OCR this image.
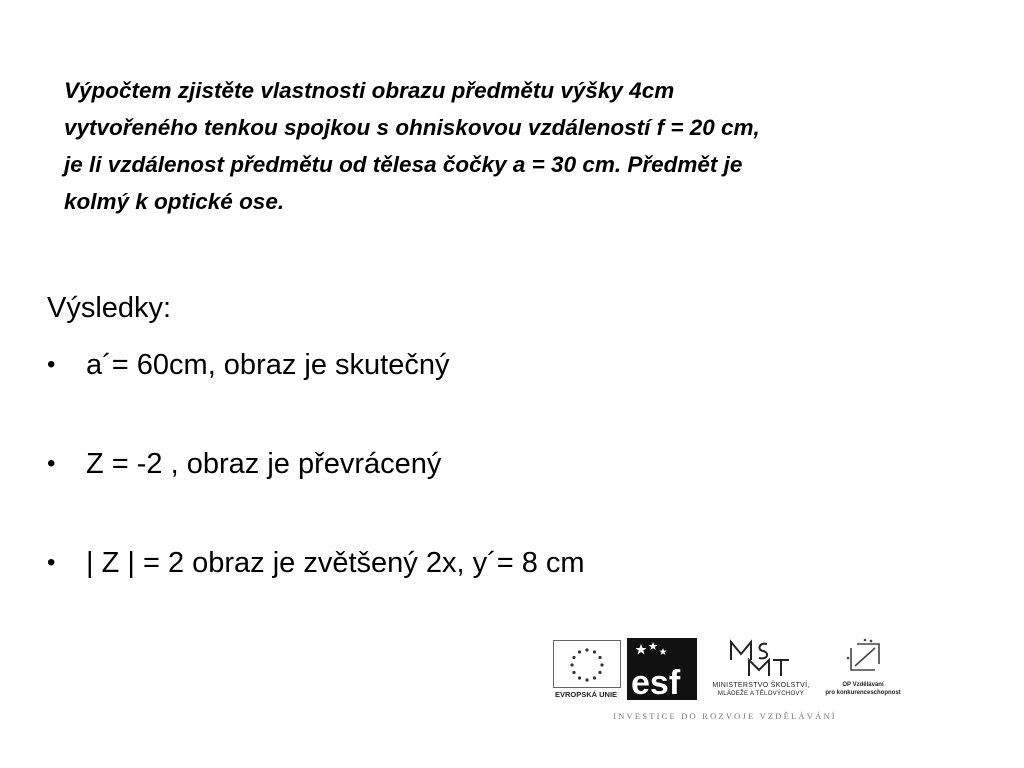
Výpočtem zjistěte vlastnosti obrazu předmětu výšky 4cm
vytvořeného tenkou spojkou s ohniskovou vzdáleností f = 20 cm,
je li vzdálenost předmětu od tělesa čočky a = 30 cm. Předmět je
kolmý k optické ose.
Výsledky:
• a´= 60cm, obraz je skutečný
• Z = -2 , obraz je převrácený
• | Z | = 2 obraz je zvětšený 2x, y´= 8 cm
EVROPSKÁ UNIE esf	MINISTERSTVO ŠKOLSTVÍ,
MLÁDEŽE A TĚLOVÝCHOVY
OP Vzdělávání
pro konkurenceschopnost
INVESTICE DO ROZVOJE VZDĚLÁVÁNÍ
